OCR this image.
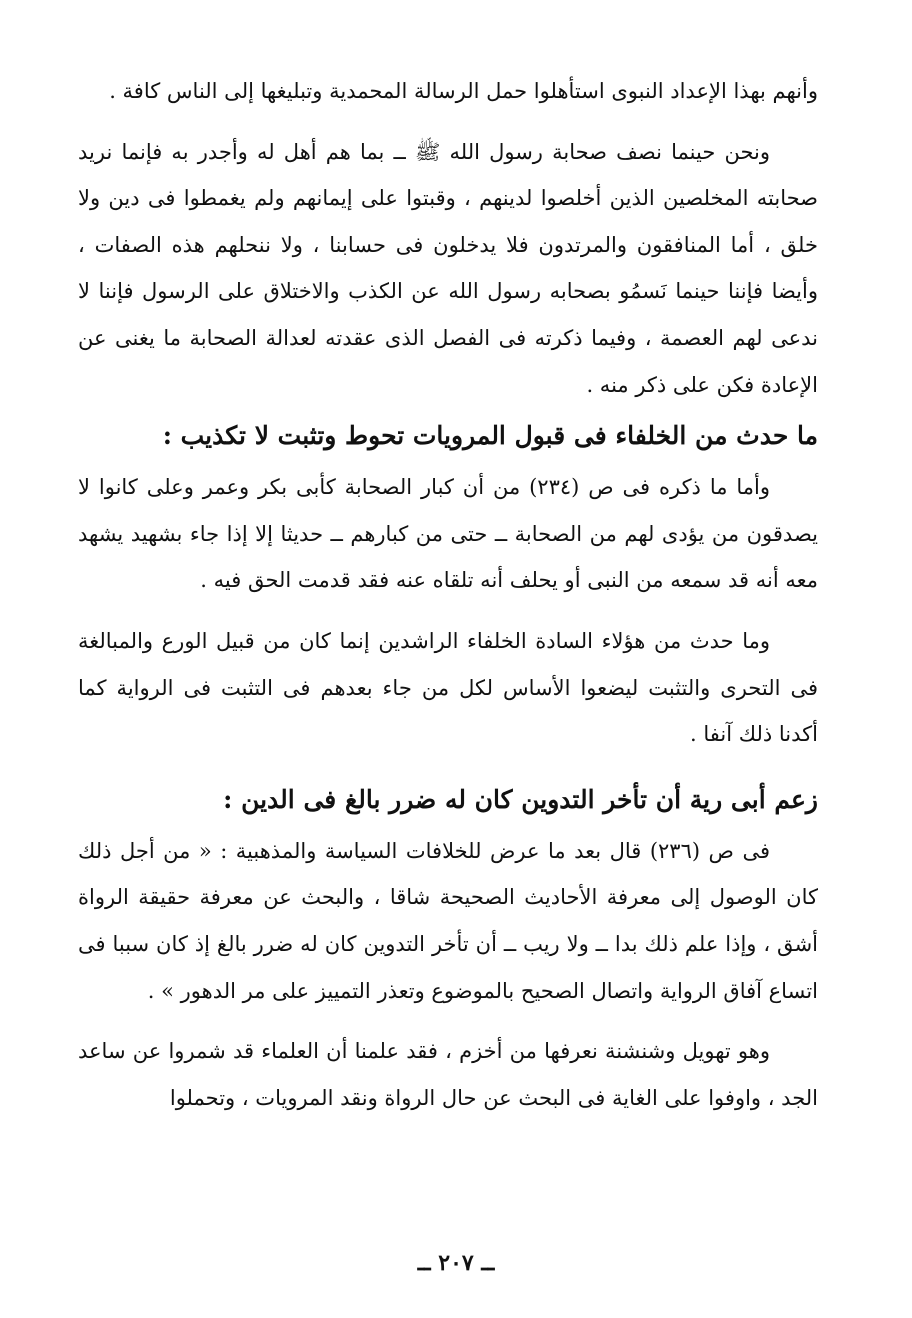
وأنهم بهذا الإعداد النبوى استأهلوا حمل الرسالة المحمدية وتبليغها إلى الناس كافة .

ونحن حينما نصف صحابة رسول الله ﷺ ــ بما هم أهل له وأجدر به فإنما نريد صحابته المخلصين الذين أخلصوا لدينهم ، وقبتوا على إيمانهم ولم يغمطوا فى دين ولا خلق ، أما المنافقون والمرتدون فلا يدخلون فى حسابنا ، ولا ننحلهم هذه الصفات ، وأيضا فإننا حينما نَسمُو بصحابه رسول الله عن الكذب والاختلاق على الرسول فإننا لا ندعى لهم العصمة ، وفيما ذكرته فى الفصل الذى عقدته لعدالة الصحابة ما يغنى عن الإعادة فكن على ذكر منه .

ما حدث من الخلفاء فى قبول المرويات تحوط وتثبت لا تكذيب :

وأما ما ذكره فى ص (٢٣٤) من أن كبار الصحابة كأبى بكر وعمر وعلى كانوا لا يصدقون من يؤدى لهم من الصحابة ــ حتى من كبارهم ــ حديثا إلا إذا جاء بشهيد يشهد معه أنه قد سمعه من النبى أو يحلف أنه تلقاه عنه فقد قدمت الحق فيه .

وما حدث من هؤلاء السادة الخلفاء الراشدين إنما كان من قبيل الورع والمبالغة فى التحرى والتثبت ليضعوا الأساس لكل من جاء بعدهم فى التثبت فى الرواية كما أكدنا ذلك آنفا .

زعم أبى رية أن تأخر التدوين كان له ضرر بالغ فى الدين :

فى ص (٢٣٦) قال بعد ما عرض للخلافات السياسة والمذهبية : « من أجل ذلك كان الوصول إلى معرفة الأحاديث الصحيحة شاقا ، والبحث عن معرفة حقيقة الرواة أشق ، وإذا علم ذلك بدا ــ ولا ريب ــ أن تأخر التدوين كان له ضرر بالغ إذ كان سببا فى اتساع آفاق الرواية واتصال الصحيح بالموضوع وتعذر التمييز على مر الدهور » .

وهو تهويل وشنشنة نعرفها من أخزم ، فقد علمنا أن العلماء قد شمروا عن ساعد الجد ، واوفوا على الغاية فى البحث عن حال الرواة ونقد المرويات ، وتحملوا

ــ ٢٠٧ ــ
